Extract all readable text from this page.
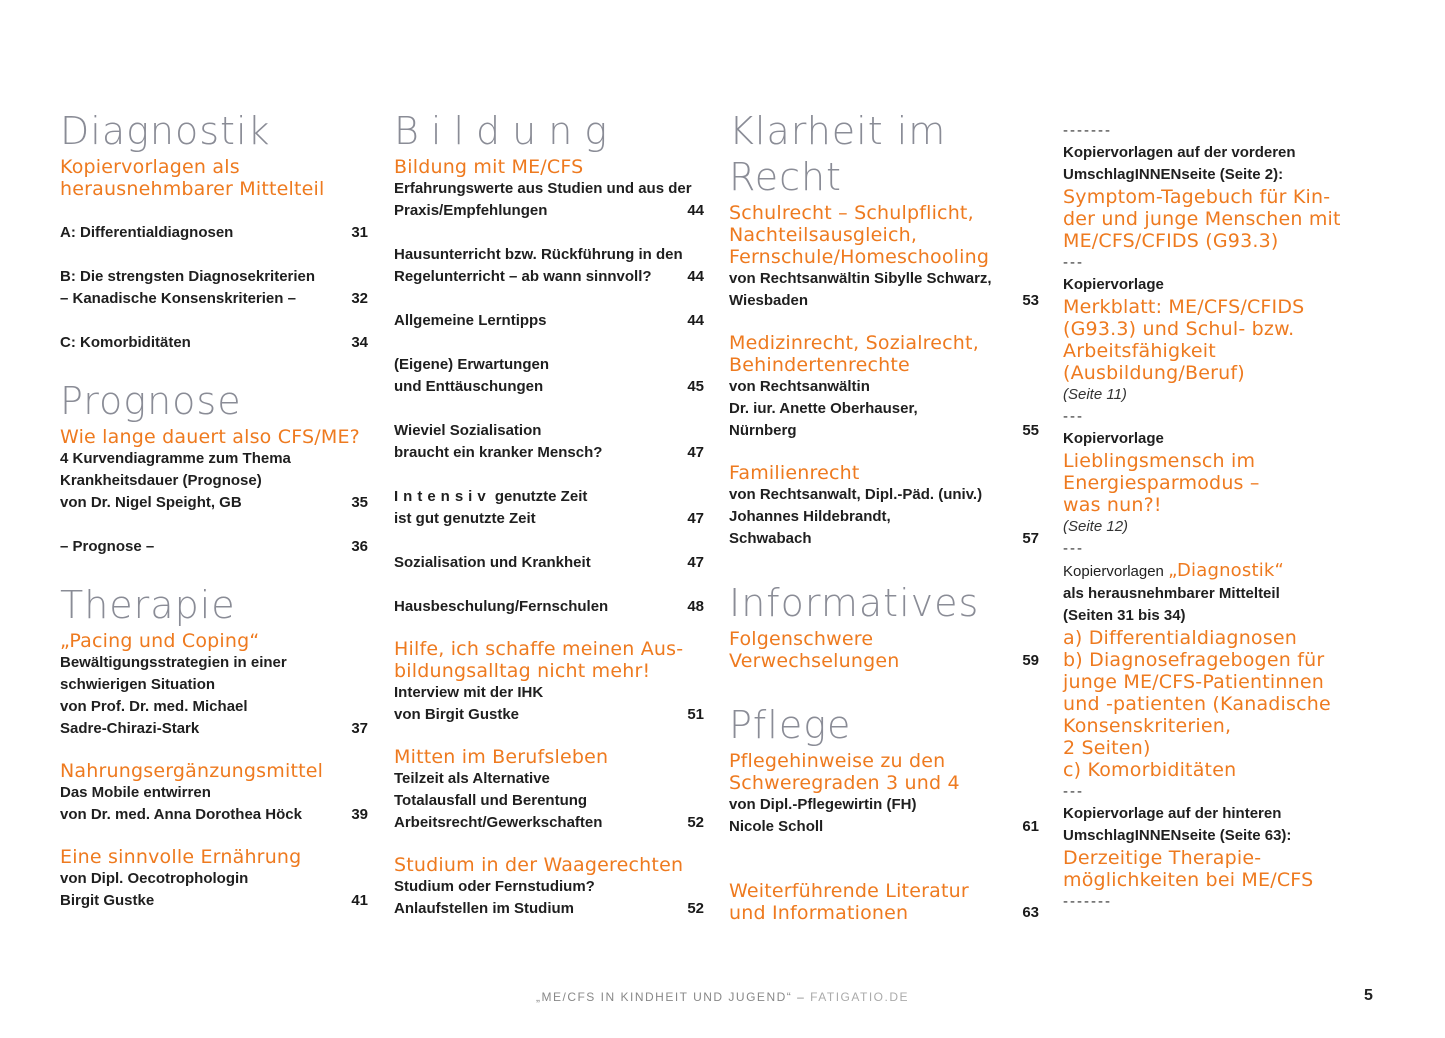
Diagnostik
Kopiervorlagen als
herausnehmbarer Mittelteil
A: Differentialdiagnosen	31
B: Die strengsten Diagnosekriterien
– Kanadische Konsenskriterien –	32
C: Komorbiditäten	34
Prognose
Wie lange dauert also CFS/ME?
4 Kurvendiagramme zum Thema
Krankheitsdauer (Prognose)
von Dr. Nigel Speight, GB	35
– Prognose –	36
Therapie
„Pacing und Coping“
Bewältigungsstrategien in einer
schwierigen Situation
von Prof. Dr. med. Michael
Sadre-Chirazi-Stark	37
Nahrungsergänzungsmittel
Das Mobile entwirren
von Dr. med. Anna Dorothea Höck	39
Eine sinnvolle Ernährung
von Dipl. Oecotrophologin
Birgit Gustke	41
Bildung
Bildung mit ME/CFS
Erfahrungswerte aus Studien und aus der
Praxis/Empfehlungen	44
Hausunterricht bzw. Rückführung in den
Regelunterricht – ab wann sinnvoll? 44
Allgemeine Lerntipps	44
(Eigene) Erwartungen
und Enttäuschungen	45
Wieviel Sozialisation
braucht ein kranker Mensch?	47
Intensiv genutzte Zeit
ist gut genutzte Zeit	47
Sozialisation und Krankheit	47
Hausbeschulung/Fernschulen	48
Hilfe, ich schaffe meinen Aus-
bildungsalltag nicht mehr!
Interview mit der IHK
von Birgit Gustke	51
Mitten im Berufsleben
Teilzeit als Alternative
Totalausfall und Berentung
Arbeitsrecht/Gewerkschaften	52
Studium in der Waagerechten
Studium oder Fernstudium?
Anlaufstellen im Studium	52
Klarheit im Recht
Schulrecht – Schulpflicht,
Nachteilsausgleich,
Fernschule/Homeschooling
von Rechtsanwältin Sibylle Schwarz,
Wiesbaden	53
Medizinrecht, Sozialrecht,
Behindertenrechte
von Rechtsanwältin
Dr. iur. Anette Oberhauser,
Nürnberg	55
Familienrecht
von Rechtsanwalt, Dipl.-Päd. (univ.)
Johannes Hildebrandt,
Schwabach	57
Informatives
Folgenschwere
Verwechselungen	59
Pflege
Pflegehinweise zu den
Schweregraden 3 und 4
von Dipl.-Pflegewirtin (FH)
Nicole Scholl	61
Weiterführende Literatur
und Informationen	63
-------
Kopiervorlagen auf der vorderen
UmschlagINNENseite (Seite 2):
Symptom-Tagebuch für Kin-
der und junge Menschen mit
ME/CFS/CFIDS (G93.3)
---
Kopiervorlage
Merkblatt: ME/CFS/CFIDS
(G93.3) und Schul- bzw.
Arbeitsfähigkeit
(Ausbildung/Beruf)
(Seite 11)
---
Kopiervorlage
Lieblingsmensch im
Energiesparmodus –
was nun?!
(Seite 12)
---
Kopiervorlagen „Diagnostik“
als herausnehmbarer Mittelteil
(Seiten 31 bis 34)
a) Differentialdiagnosen
b) Diagnosefragebogen für
junge ME/CFS-Patientinnen
und -patienten (Kanadische
Konsenskriterien,
2 Seiten)
c) Komorbiditäten
---
Kopiervorlage auf der hinteren
UmschlagINNENseite (Seite 63):
Derzeitige Therapie-
möglichkeiten bei ME/CFS
-------
„ME/CFS IN KINDHEIT UND JUGEND“ – FATIGATIO.DE	5
